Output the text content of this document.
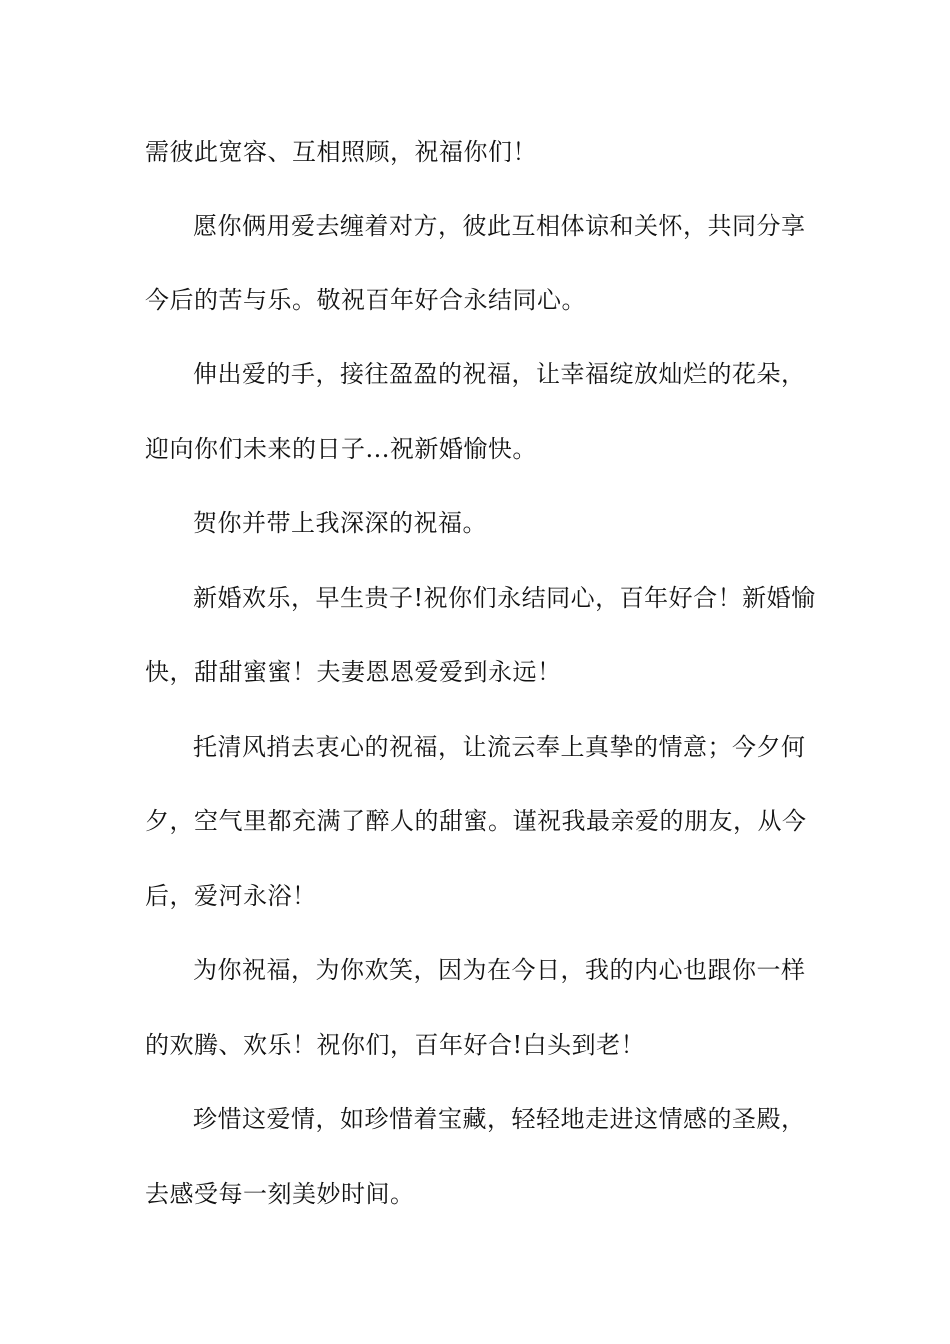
需彼此宽容、互相照顾，祝福你们！
愿你俩用爱去缠着对方，彼此互相体谅和关怀，共同分享
今后的苦与乐。敬祝百年好合永结同心。
伸出爱的手，接往盈盈的祝福，让幸福绽放灿烂的花朵，
迎向你们未来的日子...祝新婚愉快。
贺你并带上我深深的祝福。
新婚欢乐，早生贵子!祝你们永结同心，百年好合！新婚愉
快，甜甜蜜蜜！夫妻恩恩爱爱到永远！
托清风捎去衷心的祝福，让流云奉上真挚的情意；今夕何
夕，空气里都充满了醉人的甜蜜。谨祝我最亲爱的朋友，从今
后，爱河永浴！
为你祝福，为你欢笑，因为在今日，我的内心也跟你一样
的欢腾、欢乐！祝你们，百年好合!白头到老！
珍惜这爱情，如珍惜着宝藏，轻轻地走进这情感的圣殿，
去感受每一刻美妙时间。
